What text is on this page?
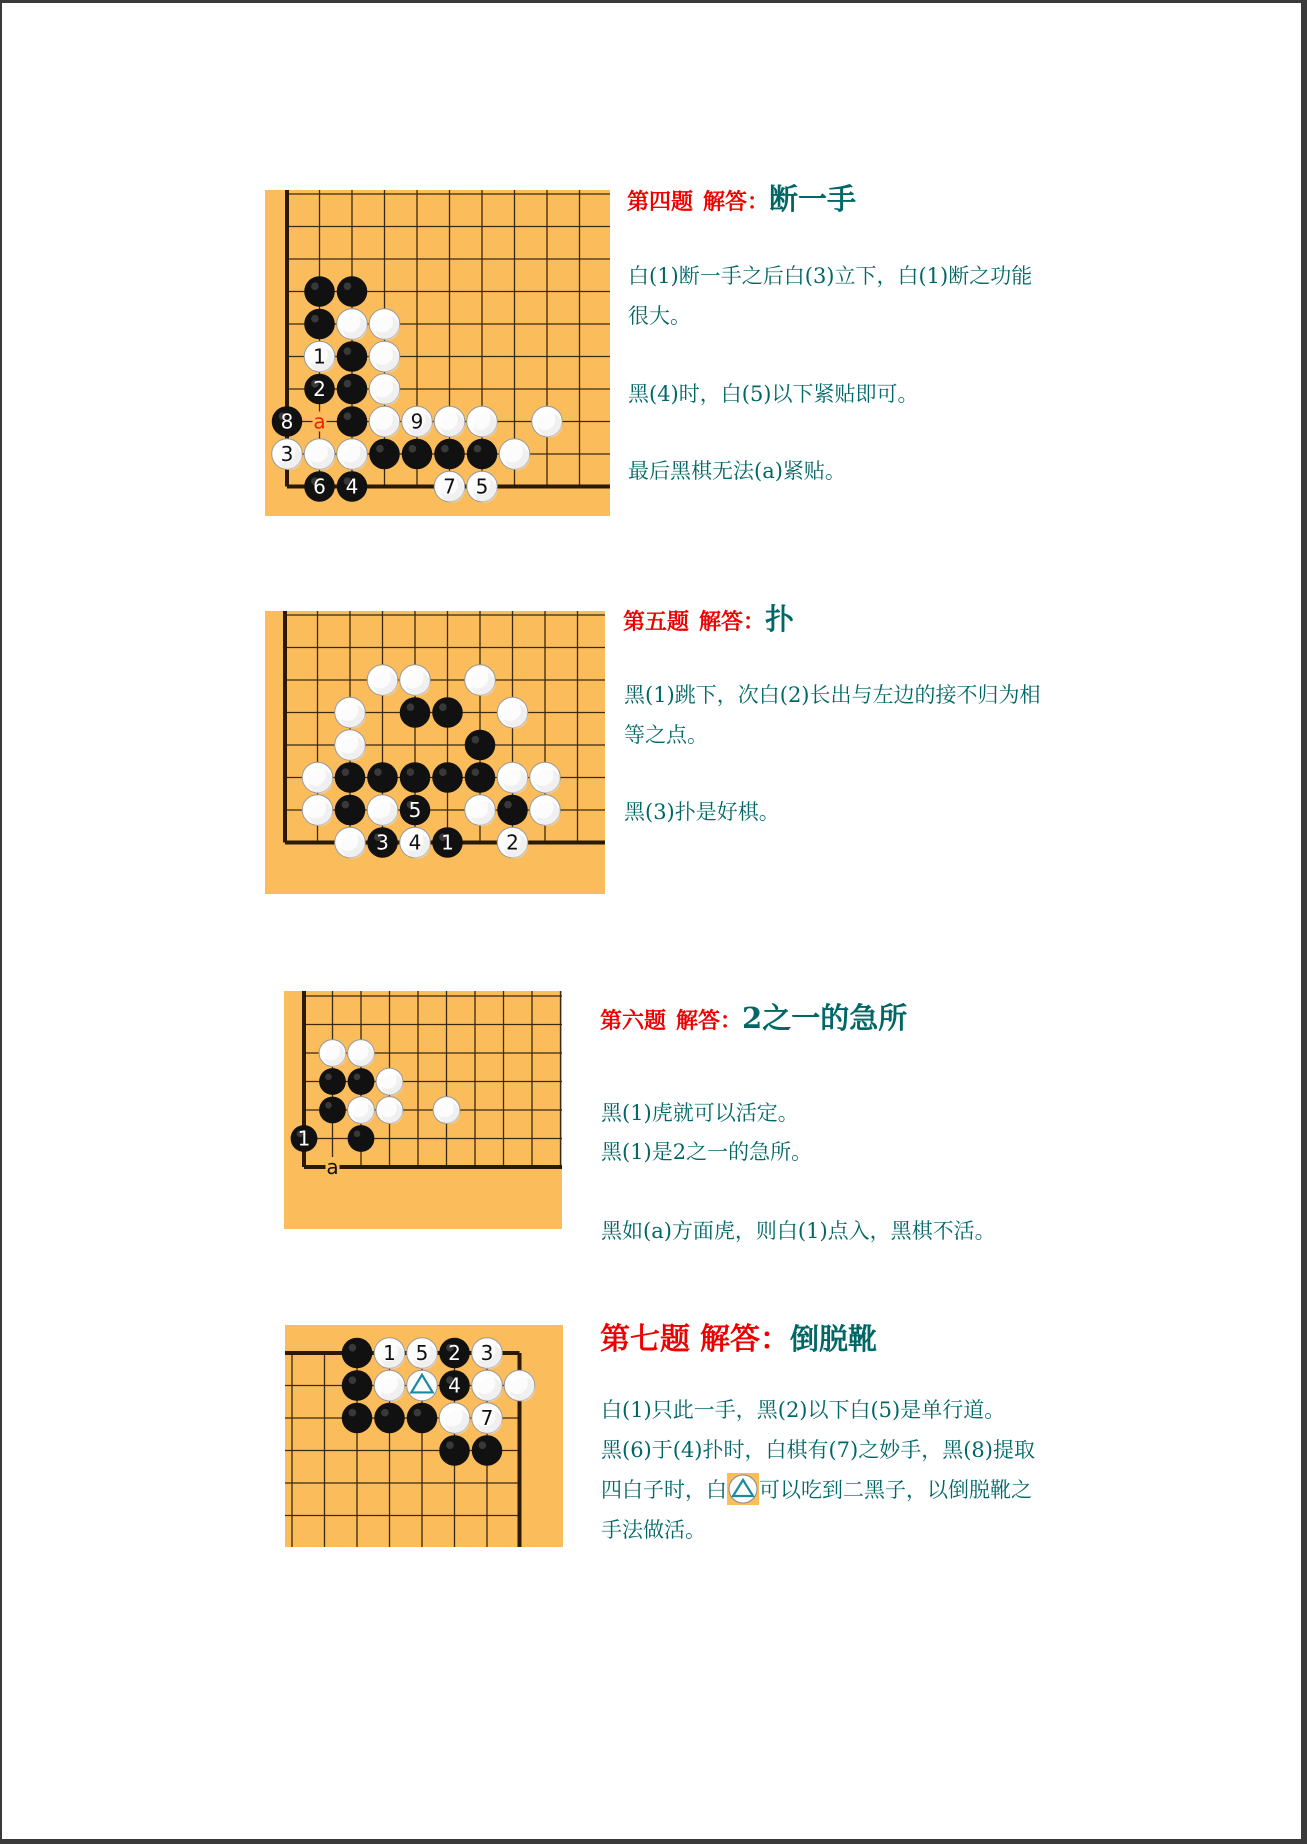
a
1
2
8	9
3
6 4	7 5
第四题 解答：断一手

白(1)断一手之后白(3)立下，白(1)断之功能很大。

黑(4)时，白(5)以下紧贴即可。

最后黑棋无法(a)紧贴。

5
3 4 1	2
第五题 解答：扑

黑(1)跳下，次白(2)长出与左边的接不归为相等之点。

黑(3)扑是好棋。

a
1
第六题 解答：2之一的急所

黑(1)虎就可以活定。

黑(1)是2之一的急所。

黑如(a)方面虎，则白(1)点入，黑棋不活。

1 5 2 3
4
7
第七题 解答：倒脱靴

白(1)只此一手，黑(2)以下白(5)是单行道。

黑(6)于(4)扑时，白棋有(7)之妙手，黑(8)提取四白子时，白 可以吃到二黑子，以倒脱靴之手法做活。
